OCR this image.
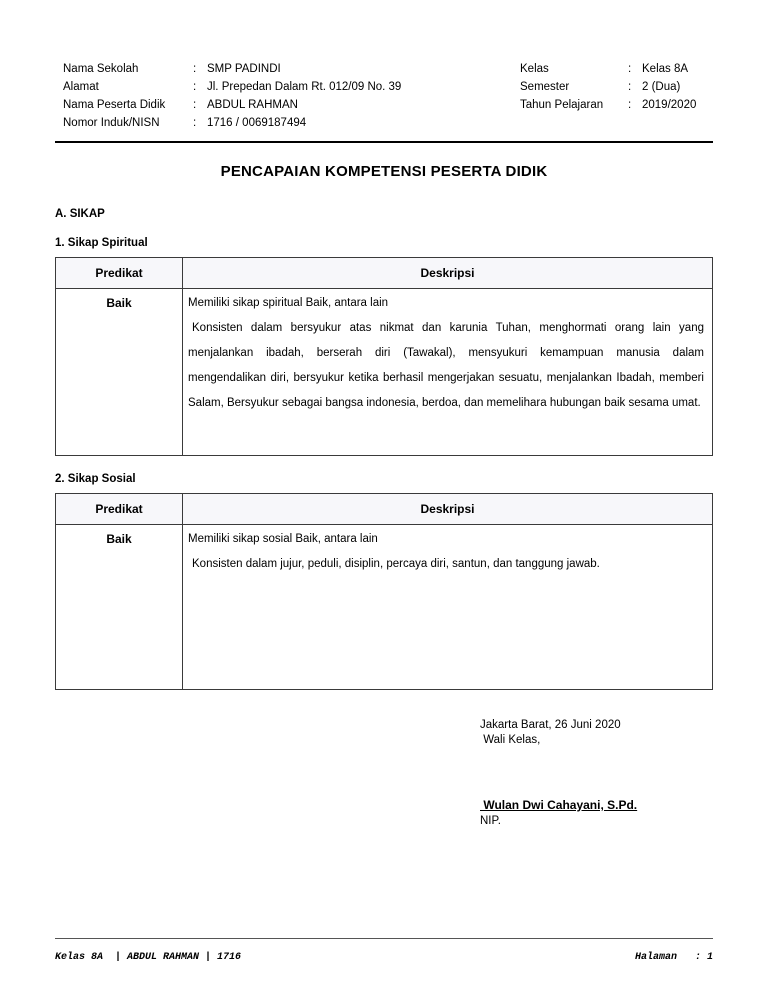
Nama Sekolah	: SMP PADINDI
Alamat	: Jl. Prepedan Dalam Rt. 012/09 No. 39
Nama Peserta Didik	: ABDUL RAHMAN
Nomor Induk/NISN	: 1716 / 0069187494
Kelas	: Kelas 8A
Semester	: 2 (Dua)
Tahun Pelajaran	: 2019/2020
PENCAPAIAN KOMPETENSI PESERTA DIDIK
A. SIKAP
1. Sikap Spiritual
Predikat	Deskripsi
Baik	Memiliki sikap spiritual Baik, antara lain
Konsisten dalam bersyukur atas nikmat dan karunia Tuhan, menghormati orang lain yang menjalankan ibadah, berserah diri (Tawakal), mensyukuri kemampuan manusia dalam mengendalikan diri, bersyukur ketika berhasil mengerjakan sesuatu, menjalankan Ibadah, memberi Salam, Bersyukur sebagai bangsa indonesia, berdoa, dan memelihara hubungan baik sesama umat.
2. Sikap Sosial
Predikat	Deskripsi
Baik	Memiliki sikap sosial Baik, antara lain
Konsisten dalam jujur, peduli, disiplin, percaya diri, santun, dan tanggung jawab.
Jakarta Barat, 26 Juni 2020
Wali Kelas,
Wulan Dwi Cahayani, S.Pd.
NIP.
Kelas 8A  | ABDUL RAHMAN | 1716	Halaman   : 1
